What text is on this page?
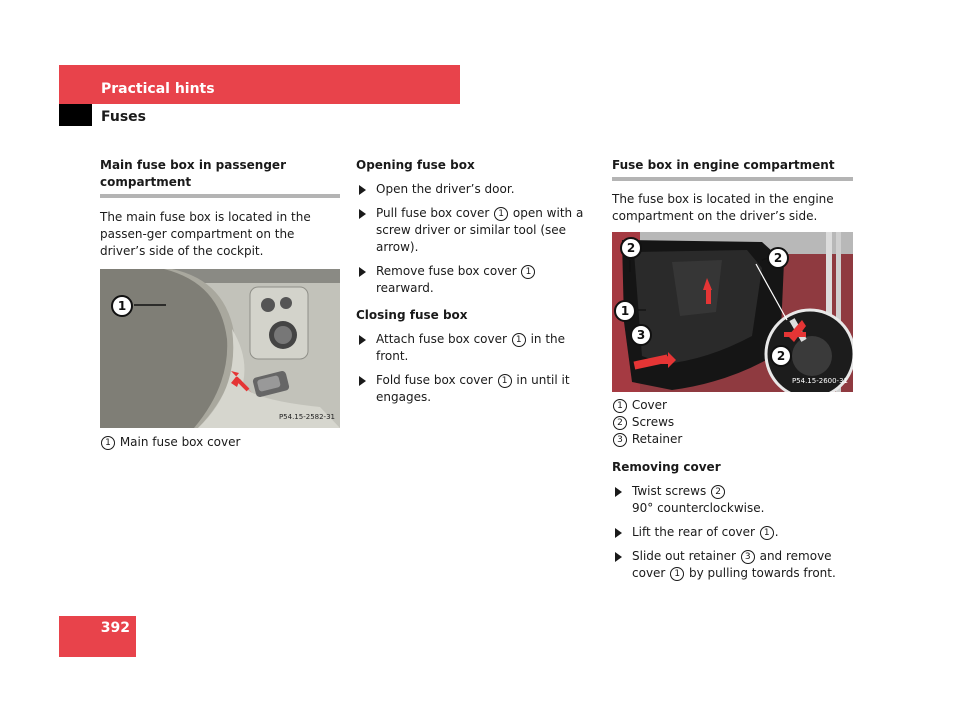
Practical hints
Fuses
Main fuse box in passenger compartment

The main fuse box is located in the passen-ger compartment on the driver’s side of the cockpit.

1
P54.15-2582-31
1 Main fuse box cover
Opening fuse box
Open the driver’s door.
Pull fuse box cover 1 open with a screw driver or similar tool (see arrow).
Remove fuse box cover 1 rearward.
Closing fuse box
Attach fuse box cover 1 in the front.
Fold fuse box cover 1 in until it engages.
Fuse box in engine compartment

The fuse box is located in the engine compartment on the driver’s side.

2
2
1
3
2
P54.15-2600-31
1 Cover
2 Screws
3 Retainer
Removing cover
Twist screws 2
90° counterclockwise.
Lift the rear of cover 1 .
Slide out retainer 3 and remove cover 1 by pulling towards front.
392
